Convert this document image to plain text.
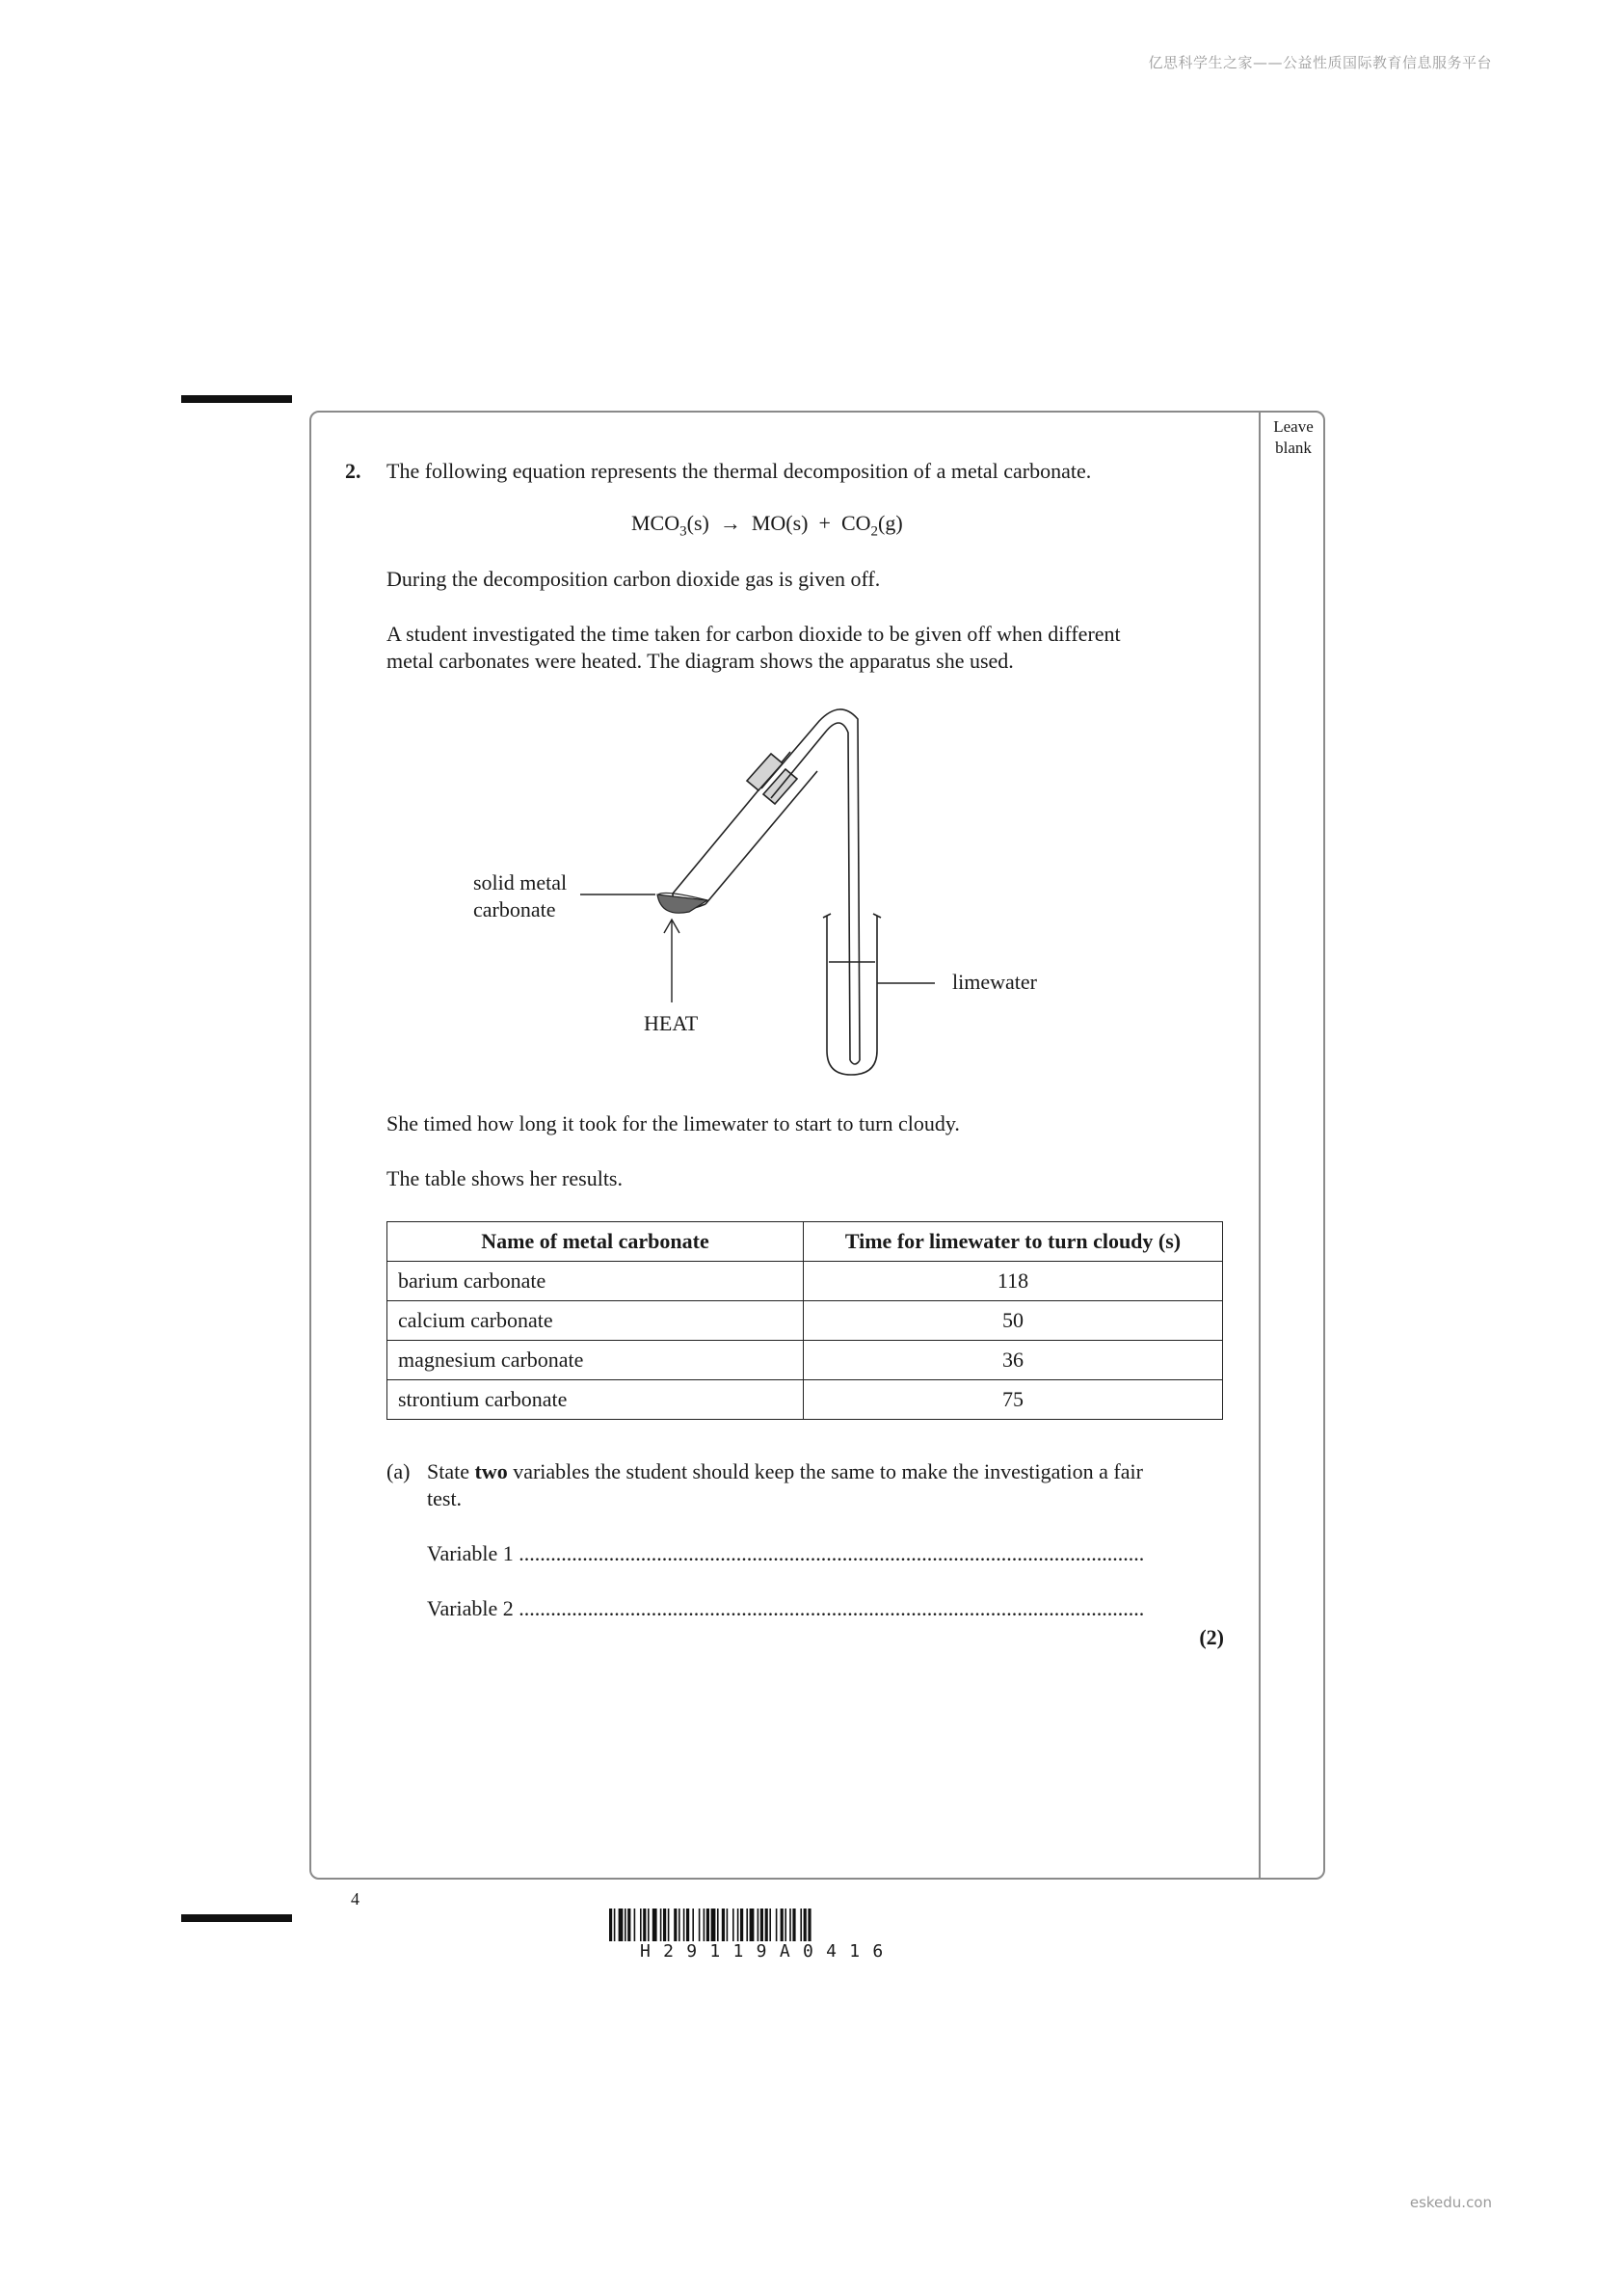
亿思科学生之家——公益性质国际教育信息服务平台
Leave
blank
2. The following equation represents the thermal decomposition of a metal carbonate.
$MCO_3(s) \to MO(s) + CO_2(g)$
During the decomposition carbon dioxide gas is given off.
A student investigated the time taken for carbon dioxide to be given off when different
metal carbonates were heated. The diagram shows the apparatus she used.
solid metal
carbonate
HEAT
limewater
She timed how long it took for the limewater to start to turn cloudy.
The table shows her results.
Name of metal carbonate	Time for limewater to turn cloudy (s)
barium carbonate	118
calcium carbonate	50
magnesium carbonate	36
strontium carbonate	75
(a) State two variables the student should keep the same to make the investigation a fair
test.
Variable 1 ......................................................................................................................
Variable 2 ......................................................................................................................
(2)
4
H29119A0416
eskedu.con
